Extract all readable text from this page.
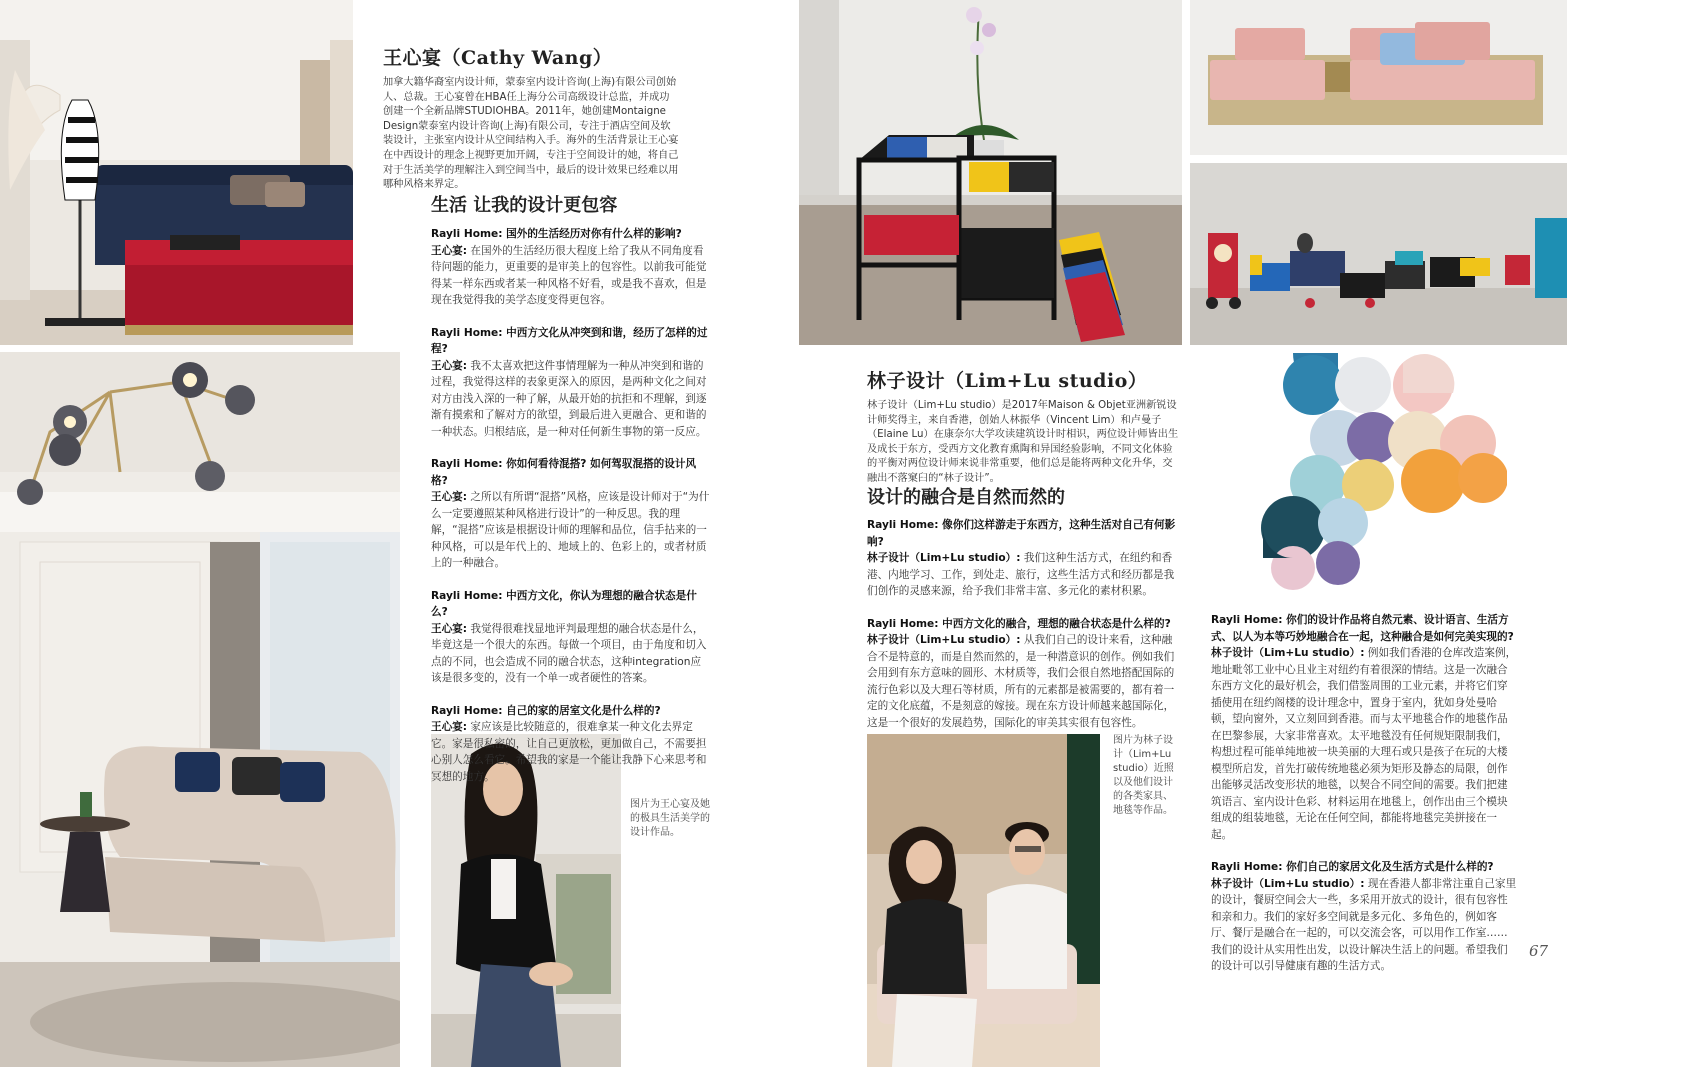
王心宴（Cathy Wang）
加拿大籍华裔室内设计师，蒙泰室内设计咨询(上海)有限公司创始人、总裁。王心宴曾在HBA任上海分公司高级设计总监，并成功创建一个全新品牌STUDIOHBA。2011年，她创建Montaigne Design蒙泰室内设计咨询(上海)有限公司，专注于酒店空间及软装设计，主张室内设计从空间结构入手。海外的生活背景让王心宴在中西设计的理念上视野更加开阔，专注于空间设计的她，将自己对于生活美学的理解注入到空间当中，最后的设计效果已经难以用哪种风格来界定。
生活 让我的设计更包容
Rayli Home: 国外的生活经历对你有什么样的影响?
王心宴: 在国外的生活经历很大程度上给了我从不同角度看待问题的能力，更重要的是审美上的包容性。以前我可能觉得某一样东西或者某一种风格不好看，或是我不喜欢，但是现在我觉得我的美学态度变得更包容。
Rayli Home: 中西方文化从冲突到和谐，经历了怎样的过程?
王心宴: 我不太喜欢把这件事情理解为一种从冲突到和谐的过程，我觉得这样的表象更深入的原因，是两种文化之间对对方由浅入深的一种了解，从最开始的抗拒和不理解，到逐渐有摸索和了解对方的欲望，到最后进入更融合、更和谐的一种状态。归根结底，是一种对任何新生事物的第一反应。
Rayli Home: 你如何看待混搭? 如何驾驭混搭的设计风格?
王心宴: 之所以有所谓“混搭”风格，应该是设计师对于“为什么一定要遵照某种风格进行设计”的一种反思。我的理解，“混搭”应该是根据设计师的理解和品位，信手拈来的一种风格，可以是年代上的、地域上的、色彩上的，或者材质上的一种融合。
Rayli Home: 中西方文化，你认为理想的融合状态是什么?
王心宴: 我觉得很难找显地评判最理想的融合状态是什么，毕竟这是一个很大的东西。每做一个项目，由于角度和切入点的不同，也会造成不同的融合状态，这种integration应该是很多变的，没有一个单一或者硬性的答案。
Rayli Home: 自己的家的居室文化是什么样的?
王心宴: 家应该是比较随意的，很难拿某一种文化去界定它。家是很私密的，让自己更放松，更加做自己，不需要担心别人怎么看它。希望我的家是一个能让我静下心来思考和冥想的地方。
图片为王心宴及她的极具生活美学的设计作品。
林子设计（Lim+Lu studio）
林子设计（Lim+Lu studio）是2017年Maison & Objet亚洲新锐设计师奖得主，来自香港，创始人林振华（Vincent Lim）和卢曼子（Elaine Lu）在康奈尔大学攻读建筑设计时相识，两位设计师皆出生及成长于东方，受西方文化教育熏陶和异国经验影响，不同文化体验的平衡对两位设计师来说非常重要，他们总是能将两种文化升华，交融出不落窠臼的“林子设计”。
设计的融合是自然而然的
Rayli Home: 像你们这样游走于东西方，这种生活对自己有何影响?
林子设计（Lim+Lu studio）: 我们这种生活方式，在纽约和香港、内地学习、工作，到处走、旅行，这些生活方式和经历都是我们创作的灵感来源，给予我们非常丰富、多元化的素材积累。
Rayli Home: 中西方文化的融合，理想的融合状态是什么样的?
林子设计（Lim+Lu studio）: 从我们自己的设计来看，这种融合不是特意的，而是自然而然的，是一种潜意识的创作。例如我们会用到有东方意味的圆形、木材质等，我们会很自然地搭配国际的流行色彩以及大理石等材质，所有的元素都是被需要的，都有着一定的文化底蕴，不是刻意的嫁接。现在东方设计师越来越国际化，这是一个很好的发展趋势，国际化的审美其实很有包容性。
图片为林子设计（Lim+Lu studio）近照以及他们设计的各类家具、地毯等作品。
Rayli Home: 你们的设计作品将自然元素、设计语言、生活方式、以人为本等巧妙地融合在一起，这种融合是如何完美实现的?
林子设计（Lim+Lu studio）: 例如我们香港的仓库改造案例，地址毗邻工业中心且业主对纽约有着很深的情结。这是一次融合东西方文化的最好机会，我们借鉴周围的工业元素，并将它们穿插使用在纽约阁楼的设计理念中，置身于室内，犹如身处曼哈顿，望向窗外，又立刻回到香港。而与太平地毯合作的地毯作品在巴黎参展，大家非常喜欢。太平地毯没有任何规矩限制我们，构想过程可能单纯地被一块美丽的大理石或只是孩子在玩的大楼模型所启发，首先打破传统地毯必须为矩形及静态的局限，创作出能够灵活改变形状的地毯，以契合不同空间的需要。我们把建筑语言、室内设计色彩、材料运用在地毯上，创作出由三个模块组成的组装地毯，无论在任何空间，都能将地毯完美拼接在一起。
Rayli Home: 你们自己的家居文化及生活方式是什么样的?
林子设计（Lim+Lu studio）: 现在香港人都非常注重自己家里的设计，餐厨空间会大一些，多采用开放式的设计，很有包容性和亲和力。我们的家好多空间就是多元化、多角色的，例如客厅、餐厅是融合在一起的，可以交流会客，可以用作工作室……我们的设计从实用性出发，以设计解决生活上的问题。希望我们的设计可以引导健康有趣的生活方式。
67
